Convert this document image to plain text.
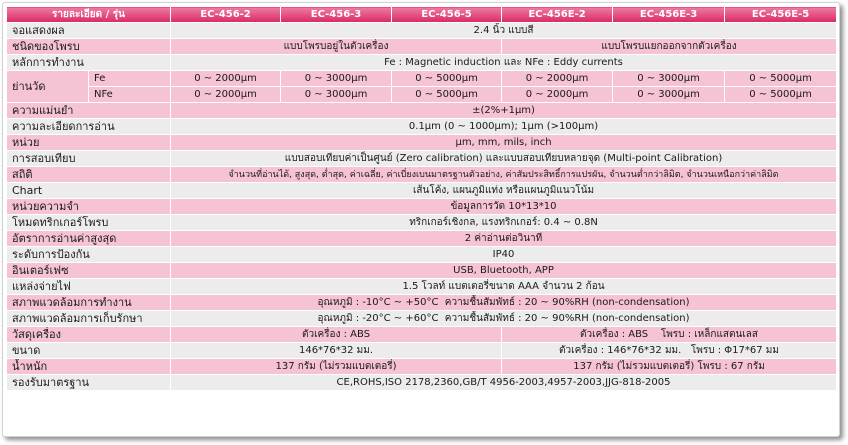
รายละเอียด / รุ่น		EC-456-2	EC-456-3	EC-456-5	EC-456E-2	EC-456E-3	EC-456E-5
จอแสดงผล		2.4 นิ้ว แบบสี					
ชนิดของโพรบ		แบบโพรบอยู่ในตัวเครื่อง			แบบโพรบแยกออกจากตัวเครื่อง		
หลักการทำงาน		Fe : Magnetic induction และ NFe : Eddy currents					
ย่านวัด	Fe	0 ~ 2000μm	0 ~ 3000μm	0 ~ 5000μm	0 ~ 2000μm	0 ~ 3000μm	0 ~ 5000μm
	NFe	0 ~ 2000μm	0 ~ 3000μm	0 ~ 5000μm	0 ~ 2000μm	0 ~ 3000μm	0 ~ 5000μm
ความแม่นยำ		±(2%+1μm)					
ความละเอียดการอ่าน		0.1μm (0 ~ 1000μm); 1μm (>100μm)					
หน่วย		μm, mm, mils, inch					
การสอบเทียบ		แบบสอบเทียบค่าเป็นศูนย์ (Zero calibration) และแบบสอบเทียบหลายจุด (Multi-point Calibration)					
สถิติ		จำนวนที่อ่านได้, สูงสุด, ต่ำสุด, ค่าเฉลี่ย, ค่าเบี่ยงเบนมาตรฐานตัวอย่าง, ค่าสัมประสิทธิ์การแปรผัน, จำนวนต่ำกว่าลิมิต, จำนวนเหนือกว่าค่าลิมิต					
Chart		เส้นโค้ง, แผนภูมิแท่ง หรือแผนภูมิแนวโน้ม					
หน่วยความจำ		ข้อมูลการวัด 10*13*10					
โหมดทริกเกอร์โพรบ		ทริกเกอร์เชิงกล, แรงทริกเกอร์: 0.4 ~ 0.8N					
อัตราการอ่านค่าสูงสุด		2 ค่าอ่านต่อวินาที					
ระดับการป้องกัน		IP40					
อินเตอร์เฟซ		USB, Bluetooth, APP					
แหล่งจ่ายไฟ		1.5 โวลท์ แบตเตอรี่ขนาด AAA จำนวน 2 ก้อน					
สภาพแวดล้อมการทำงาน		อุณหภูมิ : -10°C ~ +50°C  ความชื้นสัมพัทธ์ : 20 ~ 90%RH (non-condensation)					
สภาพแวดล้อมการเก็บรักษา		อุณหภูมิ : -20°C ~ +60°C  ความชื้นสัมพัทธ์ : 20 ~ 90%RH (non-condensation)					
วัสดุเครื่อง		ตัวเครื่อง : ABS			ตัวเครื่อง : ABS    โพรบ : เหล็กแสตนเลส		
ขนาด		146*76*32 มม.			ตัวเครื่อง : 146*76*32 มม.   โพรบ : Φ17*67 มม		
น้ำหนัก		137 กรัม (ไม่รวมแบตเตอรี่)			137 กรัม (ไม่รวมแบตเตอรี่) โพรบ : 67 กรัม		
รองรับมาตรฐาน		CE,ROHS,ISO 2178,2360,GB/T 4956-2003,4957-2003,JJG-818-2005					
